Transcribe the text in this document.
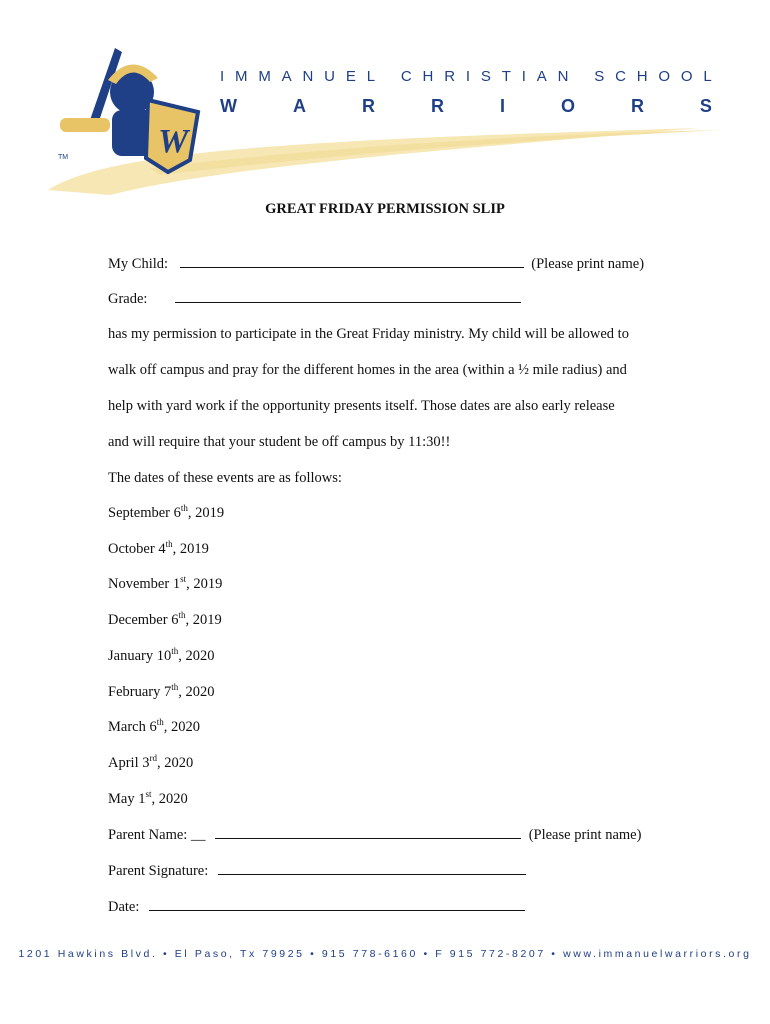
W
TM
I M M A N U E L
C H R I S T I A N
S C H O O L
W	A	R	R	I	O	R	S
GREAT FRIDAY PERMISSION SLIP
My Child:	(Please print name)
Grade:
has my permission to participate in the Great Friday ministry. My child will be allowed to
walk off campus and pray for the different homes in the area (within a ½ mile radius) and
help with yard work if the opportunity presents itself. Those dates are also early release
and will require that your student be off campus by 11:30!!
The dates of these events are as follows:
September 6th, 2019
October 4th, 2019
November 1st, 2019
December 6th, 2019
January 10th, 2020
February 7th, 2020
March 6th, 2020
April 3rd, 2020
May 1st, 2020
Parent Name: __	(Please print name)
Parent Signature:
Date:
1201 Hawkins Blvd. • El Paso, Tx 79925 • 915 778-6160 • F 915 772-8207 • www.immanuelwarriors.org
